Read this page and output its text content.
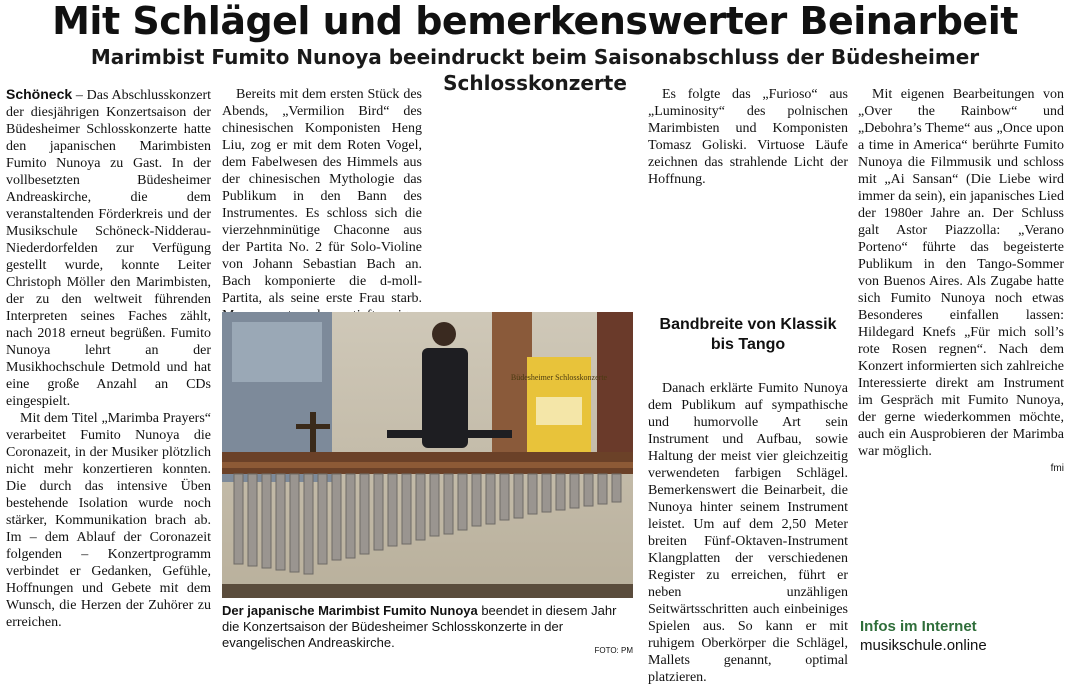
Mit Schlägel und bemerkenswerter Beinarbeit
Marimbist Fumito Nunoya beeindruckt beim Saisonabschluss der Büdesheimer Schlosskonzerte

Schöneck – Das Abschlusskonzert der diesjährigen Konzertsaison der Büdesheimer Schlosskonzerte hatte den japanischen Marimbisten Fumito Nunoya zu Gast. In der vollbesetzten Büdesheimer Andreaskirche, die dem veranstaltenden Förderkreis und der Musikschule Schöneck-Nidderau-Niederdorfelden zur Verfügung gestellt wurde, konnte Leiter Christoph Möller den Marimbisten, der zu den weltweit führenden Interpreten seines Faches zählt, nach 2018 erneut begrüßen. Fumito Nunoya lehrt an der Musikhochschule Detmold und hat eine große Anzahl an CDs eingespielt.

Mit dem Titel „Marimba Prayers“ verarbeitet Fumito Nunoya die Coronazeit, in der Musiker plötzlich nicht mehr konzertieren konnten. Die durch das intensive Üben bestehende Isolation wurde noch stärker, Kommunikation brach ab. Im – dem Ablauf der Coronazeit folgenden – Konzertprogramm verbindet er Gedanken, Gefühle, Hoffnungen und Gebete mit dem Wunsch, die Herzen der Zuhörer zu erreichen.

Bereits mit dem ersten Stück des Abends, „Vermilion Bird“ des chinesischen Komponisten Heng Liu, zog er mit dem Roten Vogel, dem Fabelwesen des Himmels aus der chinesischen Mythologie das Publikum in den Bann des Instrumentes. Es schloss sich die vierzehnminütige Chaconne aus der Partita No. 2 für Solo-Violine von Johann Sebastian Bach an. Bach komponierte die d-moll-Partita, als seine erste Frau starb.

Es folgte das „Furioso“ aus „Luminosity“ des polnischen Marimbisten und Komponisten Tomasz Goliski. Virtuose Läufe zeichnen das strahlende Licht der Hoffnung.

Büdesheimer Schlosskonzerte
Der japanische Marimbist Fumito Nunoya beendet in diesem Jahr die Konzertsaison der Büdesheimer Schlosskonzerte in der evangelischen Andreaskirche.
FOTO: PM
Bandbreite von Klassik bis Tango

Danach erklärte Fumito Nunoya dem Publikum auf sympathische und humorvolle Art sein Instrument und Aufbau, sowie Haltung der meist vier gleichzeitig verwendeten farbigen Schlägel. Bemerkenswert die Beinarbeit, die Nunoya hinter seinem Instrument leistet. Um auf dem 2,50 Meter breiten Fünf-Oktaven-Instrument Klangplatten der verschiedenen Register zu erreichen, führt er neben unzähligen Seitwärtsschritten auch einbeiniges Spielen aus. So kann er mit ruhigem Oberkörper die Schlägel, Mallets genannt, optimal platzieren.

Mit eigenen Bearbeitungen von „Over the Rainbow“ und „Debohra’s Theme“ aus „Once upon a time in America“ berührte Fumito Nunoya die Filmmusik und schloss mit „Ai Sansan“ (Die Liebe wird immer da sein), ein japanisches Lied der 1980er Jahre an. Der Schluss galt Astor Piazzolla: „Verano Porteno“ führte das begeisterte Publikum in den Tango-Sommer von Buenos Aires. Als Zugabe hatte sich Fumito Nunoya noch etwas Besonderes einfallen lassen: Hildegard Knefs „Für mich soll’s rote Rosen regnen“. Nach dem Konzert informierten sich zahlreiche Interessierte direkt am Instrument im Gespräch mit Fumito Nunoya, der gerne wiederkommen möchte, auch ein Ausprobieren der Marimba war möglich.

fmi

Infos im Internet
musikschule.online
